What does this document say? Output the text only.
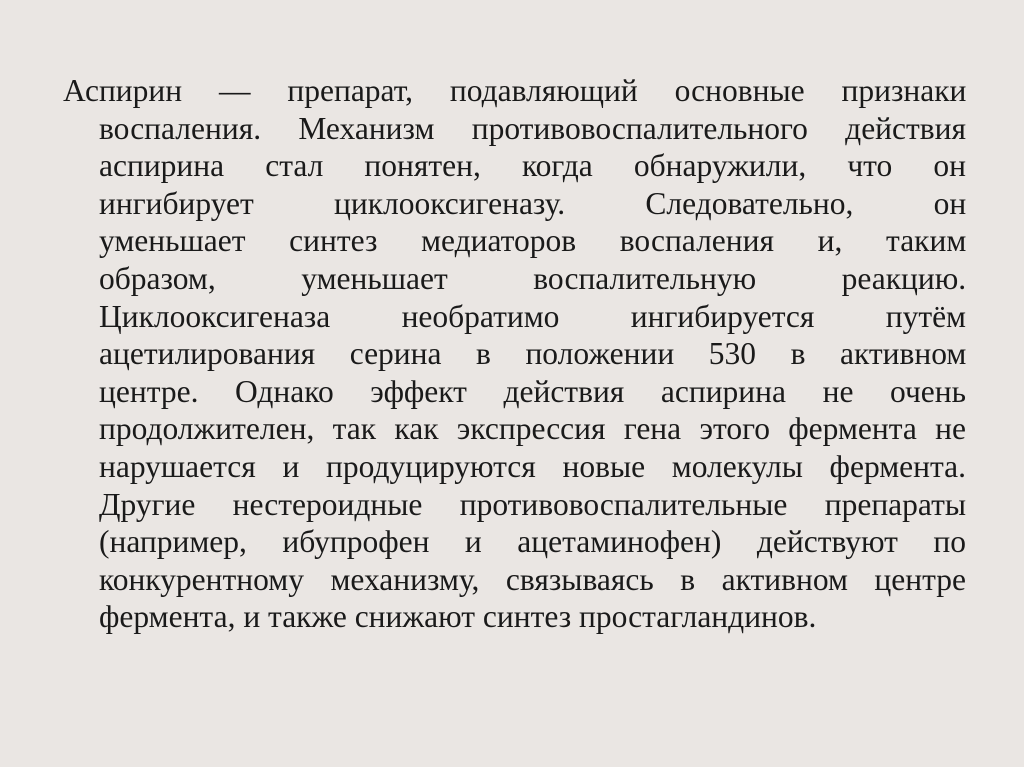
Аспирин — препарат, подавляющий основные признаки
воспаления. Механизм противовоспалительного действия
аспирина стал понятен, когда обнаружили, что он
ингибирует циклооксигеназу. Следовательно, он
уменьшает синтез медиаторов воспаления и, таким
образом, уменьшает воспалительную реакцию.
Циклооксигеназа необратимо ингибируется путём
ацетилирования серина в положении 530 в активном
центре. Однако эффект действия аспирина не очень
продолжителен, так как экспрессия гена этого фермента не
нарушается и продуцируются новые молекулы фермента.
Другие нестероидные противовоспалительные препараты
(например, ибупрофен и ацетаминофен) действуют по
конкурентному механизму, связываясь в активном центре
фермента, и также снижают синтез простагландинов.
